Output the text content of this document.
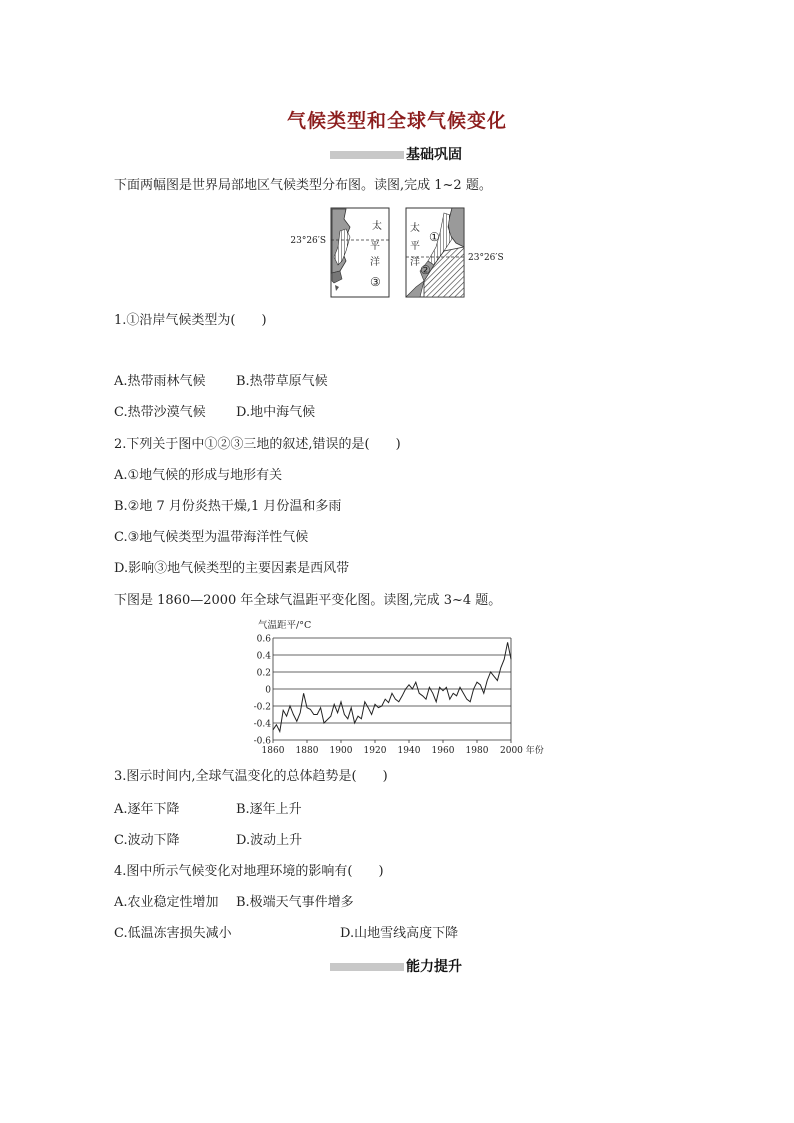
气候类型和全球气候变化
基础巩固
下面两幅图是世界局部地区气候类型分布图。读图,完成 1~2 题。
23°26′S
太
平
洋
③
23°26′S
太
平
洋
①
②
1.①沿岸气候类型为(　　)
A.热带雨林气候 B.热带草原气候
C.热带沙漠气候 D.地中海气候
2.下列关于图中①②③三地的叙述,错误的是(　　)
A.①地气候的形成与地形有关
B.②地 7 月份炎热干燥,1 月份温和多雨
C.③地气候类型为温带海洋性气候
D.影响③地气候类型的主要因素是西风带
下图是 1860—2000 年全球气温距平变化图。读图,完成 3~4 题。
气温距平/°C
0.6
0.4
0.2
0
-0.2
-0.4
-0.6
1860 1880 1900 1920 1940 1960 1980 2000 年份
3.图示时间内,全球气温变化的总体趋势是(　　)
A.逐年下降	B.逐年上升
C.波动下降	D.波动上升
4.图中所示气候变化对地理环境的影响有(　　)
A.农业稳定性增加 B.极端天气事件增多
C.低温冻害损失减小	D.山地雪线高度下降
能力提升
